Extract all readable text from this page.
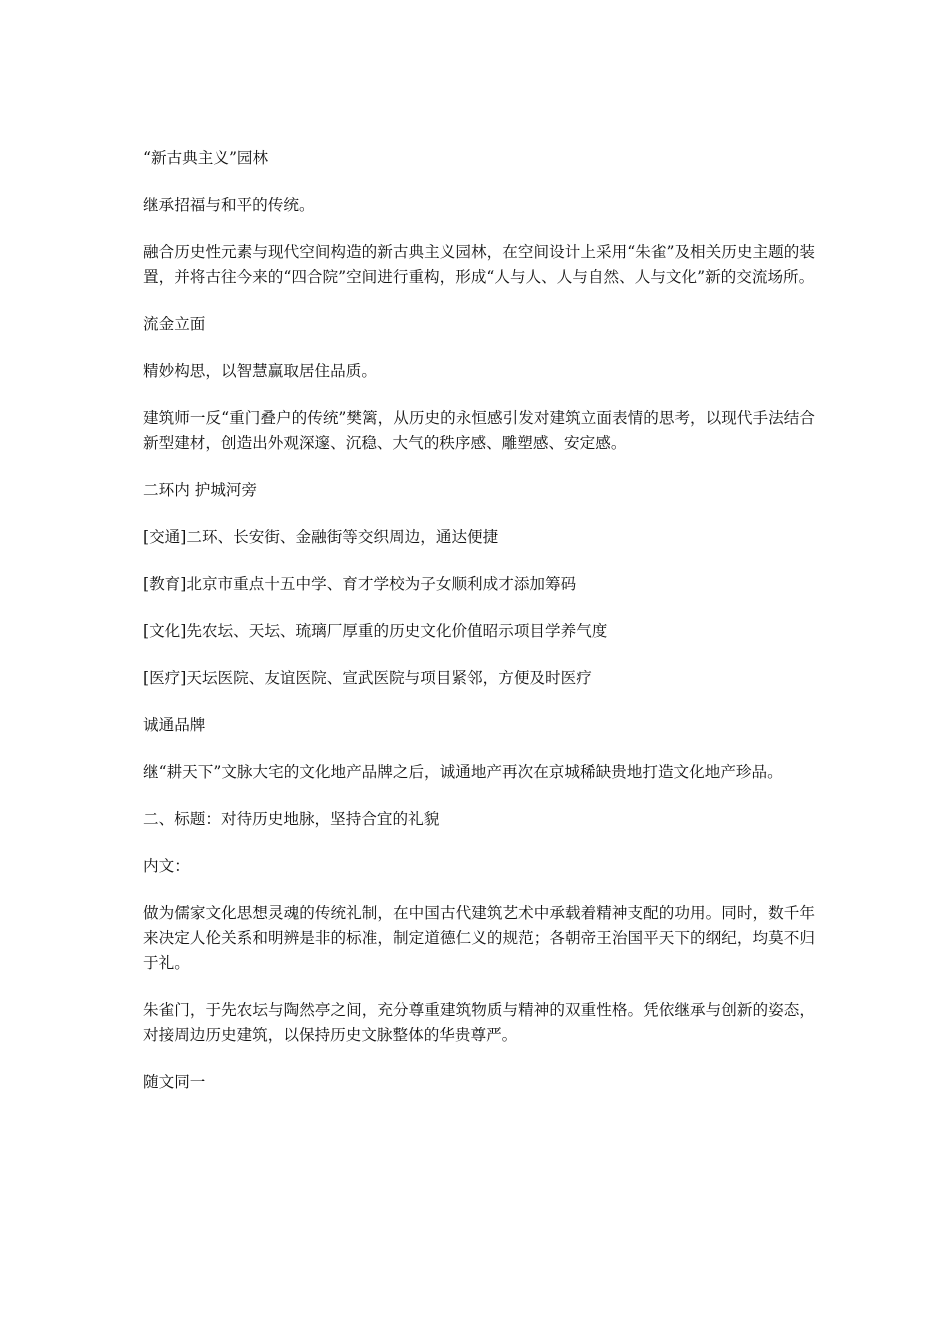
“新古典主义”园林

继承招福与和平的传统。

融合历史性元素与现代空间构造的新古典主义园林，在空间设计上采用“朱雀”及相关历史主题的装置，并将古往今来的“四合院”空间进行重构，形成“人与人、人与自然、人与文化”新的交流场所。

流金立面

精妙构思，以智慧赢取居住品质。

建筑师一反“重门叠户的传统”樊篱，从历史的永恒感引发对建筑立面表情的思考，以现代手法结合新型建材，创造出外观深邃、沉稳、大气的秩序感、雕塑感、安定感。

二环内 护城河旁

[交通]二环、长安街、金融街等交织周边，通达便捷

[教育]北京市重点十五中学、育才学校为子女顺利成才添加筹码

[文化]先农坛、天坛、琉璃厂厚重的历史文化价值昭示项目学养气度

[医疗]天坛医院、友谊医院、宣武医院与项目紧邻，方便及时医疗

诚通品牌

继“耕天下”文脉大宅的文化地产品牌之后，诚通地产再次在京城稀缺贵地打造文化地产珍品。

二、标题：对待历史地脉，坚持合宜的礼貌

内文：

做为儒家文化思想灵魂的传统礼制，在中国古代建筑艺术中承载着精神支配的功用。同时，数千年来决定人伦关系和明辨是非的标准，制定道德仁义的规范；各朝帝王治国平天下的纲纪，均莫不归于礼。

朱雀门，于先农坛与陶然亭之间，充分尊重建筑物质与精神的双重性格。凭依继承与创新的姿态，对接周边历史建筑，以保持历史文脉整体的华贵尊严。

随文同一
